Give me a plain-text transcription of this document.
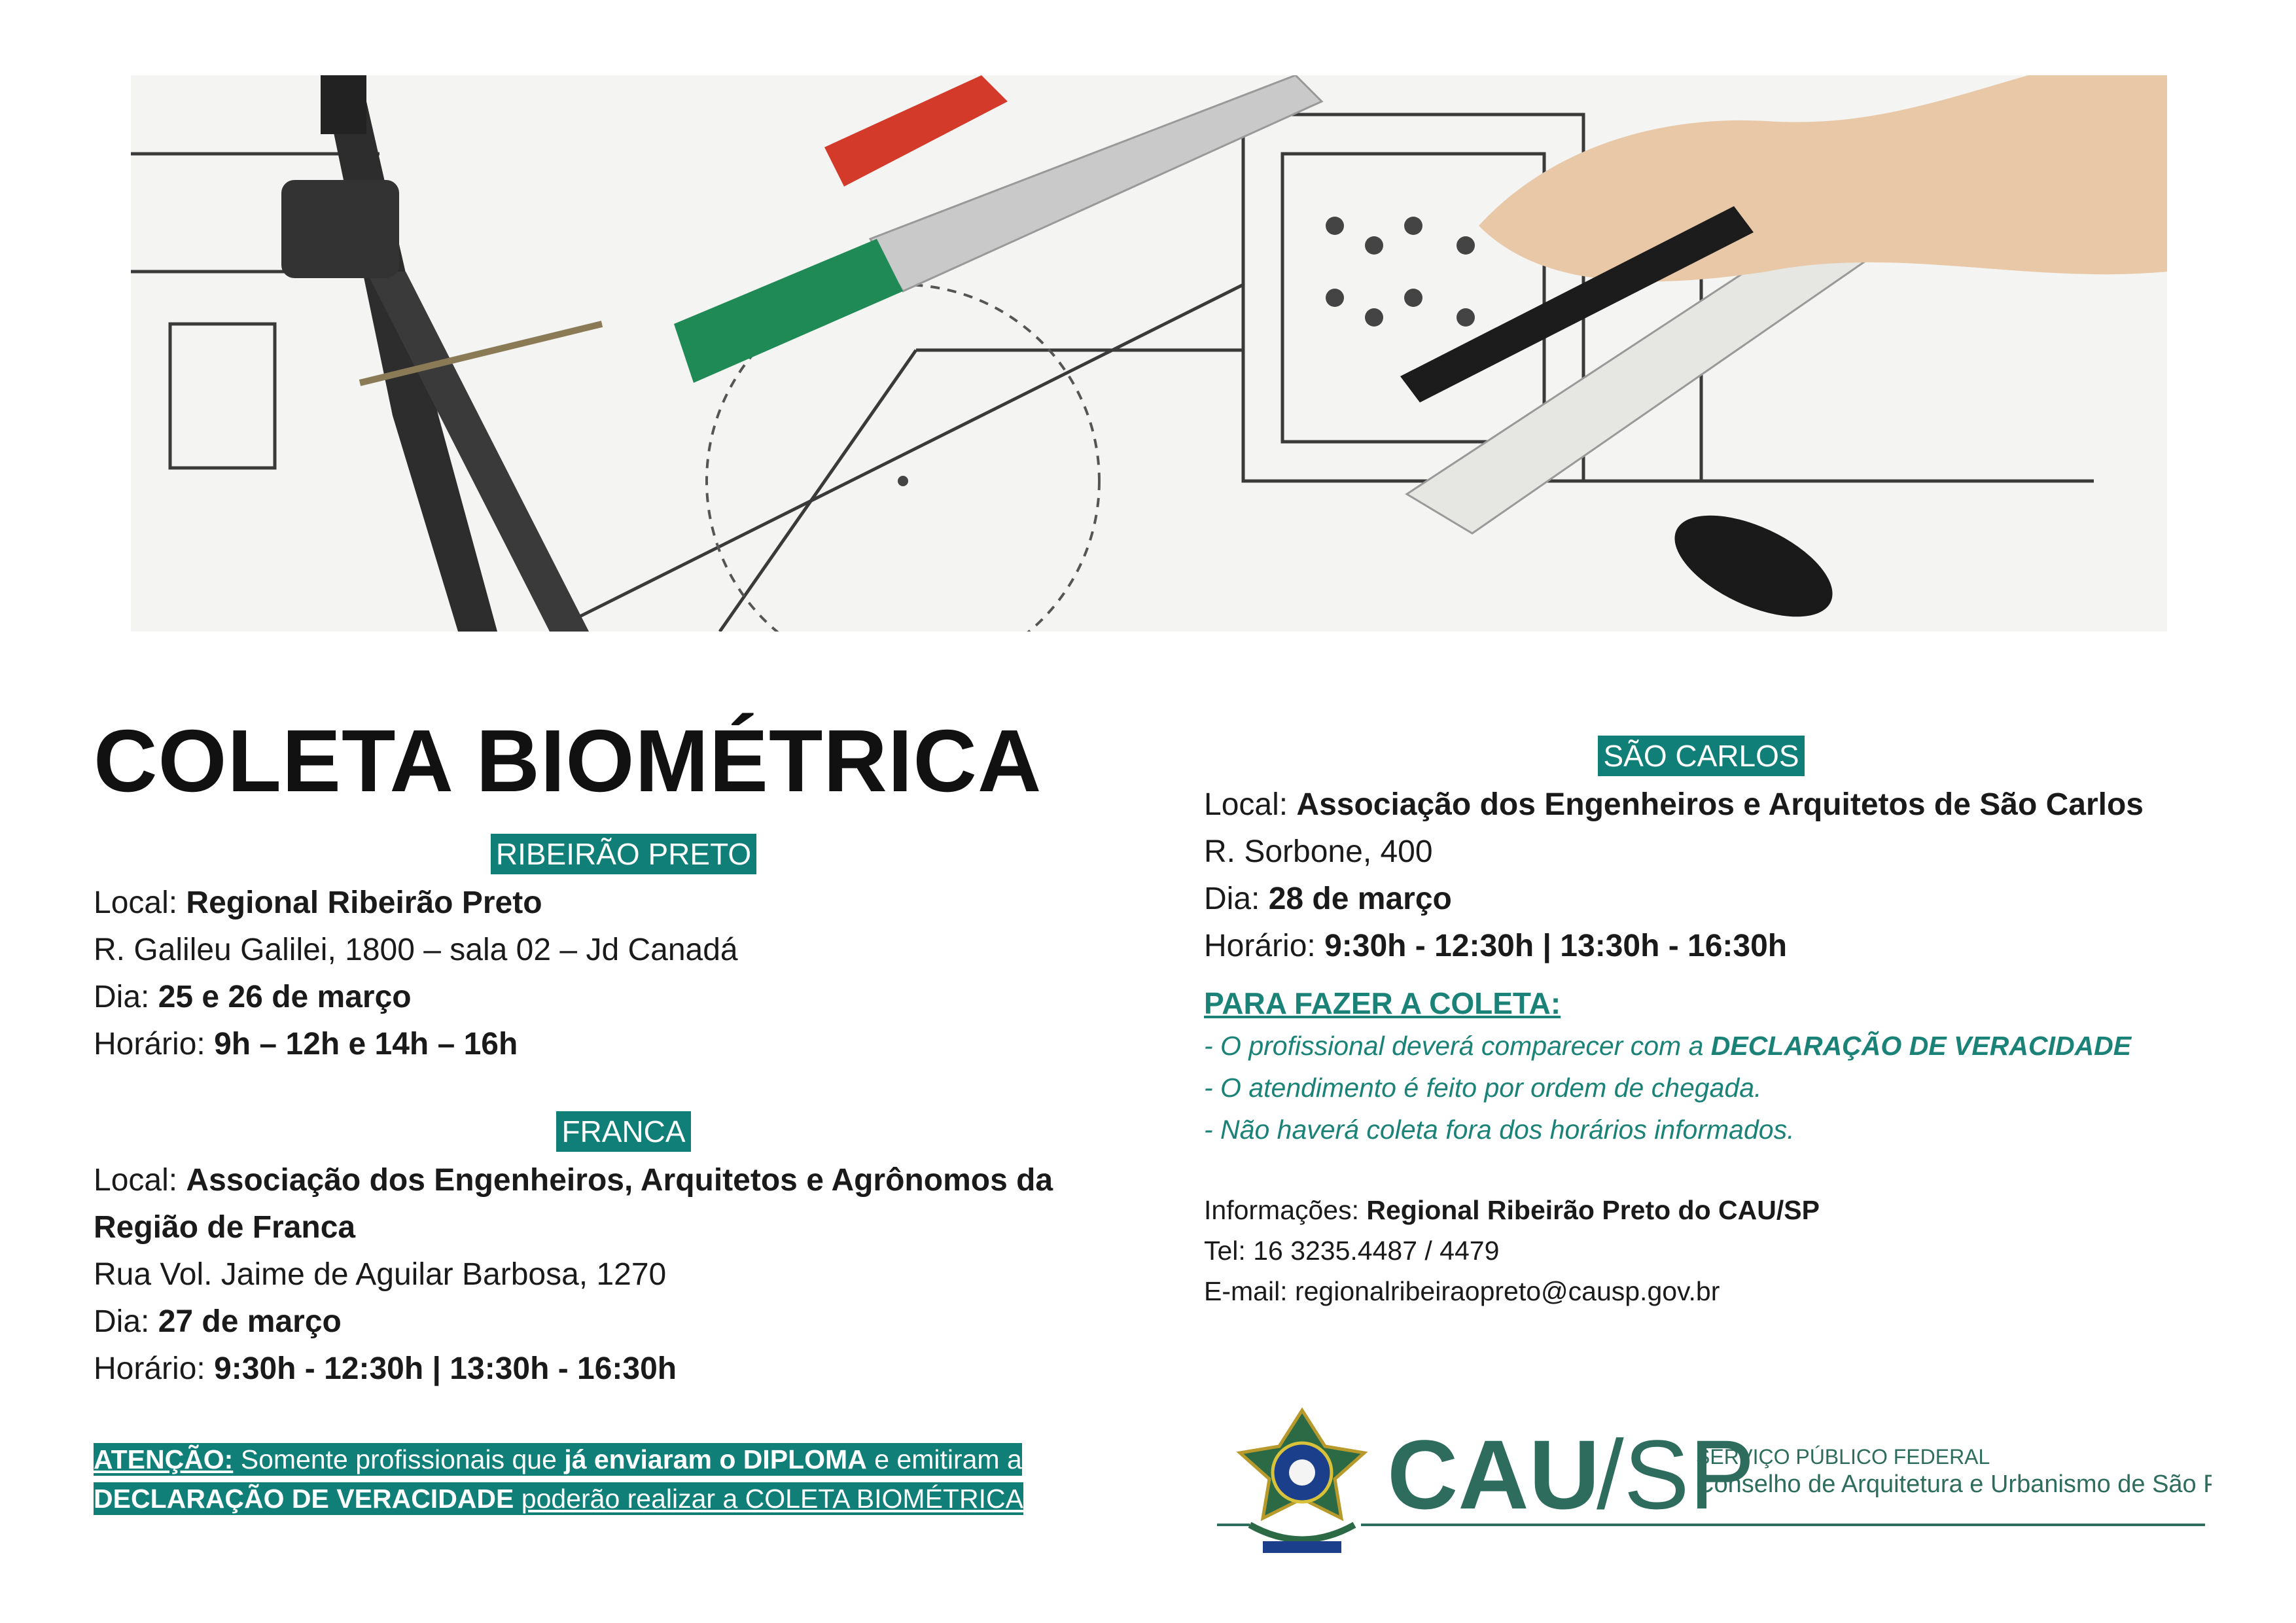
COLETA BIOMÉTRICA
RIBEIRÃO PRETO

Local: Regional Ribeirão Preto

R. Galileu Galilei, 1800 – sala 02 – Jd Canadá

Dia: 25 e 26 de março

Horário: 9h – 12h e 14h – 16h

FRANCA

Local: Associação dos Engenheiros, Arquitetos e Agrônomos da

Região de Franca

Rua Vol. Jaime de Aguilar Barbosa, 1270

Dia: 27 de março

Horário: 9:30h - 12:30h | 13:30h - 16:30h

ATENÇÃO: Somente profissionais que já enviaram o DIPLOMA e emitiram a
DECLARAÇÃO DE VERACIDADE poderão realizar a COLETA BIOMÉTRICA
SÃO CARLOS

Local: Associação dos Engenheiros e Arquitetos de São Carlos

R. Sorbone, 400

Dia: 28 de março

Horário: 9:30h - 12:30h | 13:30h - 16:30h

PARA FAZER A COLETA:
- O profissional deverá comparecer com a DECLARAÇÃO DE VERACIDADE
- O atendimento é feito por ordem de chegada.
- Não haverá coleta fora dos horários informados.
Informações: Regional Ribeirão Preto do CAU/SP
Tel: 16 3235.4487 / 4479
E-mail: regionalribeiraopreto@causp.gov.br
CAU
/SP
SERVIÇO PÚBLICO FEDERAL
Conselho de Arquitetura e Urbanismo de São Paulo
